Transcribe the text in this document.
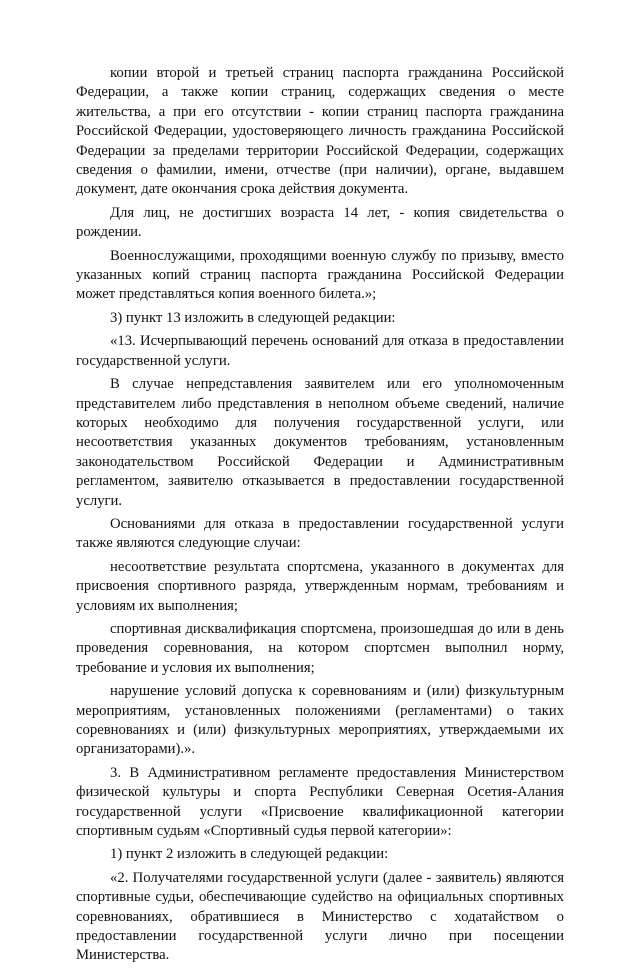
копии второй и третьей страниц паспорта гражданина Российской Федерации, а также копии страниц, содержащих сведения о месте жительства, а при его отсутствии - копии страниц паспорта гражданина Российской Федерации, удостоверяющего личность гражданина Российской Федерации за пределами территории Российской Федерации, содержащих сведения о фамилии, имени, отчестве (при наличии), органе, выдавшем документ, дате окончания срока действия документа.

Для лиц, не достигших возраста 14 лет, - копия свидетельства о рождении.

Военнослужащими, проходящими военную службу по призыву, вместо указанных копий страниц паспорта гражданина Российской Федерации может представляться копия военного билета.»;

3) пункт 13 изложить в следующей редакции:

«13. Исчерпывающий перечень оснований для отказа в предоставлении государственной услуги.

В случае непредставления заявителем или его уполномоченным представителем либо представления в неполном объеме сведений, наличие которых необходимо для получения государственной услуги, или несоответствия указанных документов требованиям, установленным законодательством Российской Федерации и Административным регламентом, заявителю отказывается в предоставлении государственной услуги.

Основаниями для отказа в предоставлении государственной услуги также являются следующие случаи:

несоответствие результата спортсмена, указанного в документах для присвоения спортивного разряда, утвержденным нормам, требованиям и условиям их выполнения;

спортивная дисквалификация спортсмена, произошедшая до или в день проведения соревнования, на котором спортсмен выполнил норму, требование и условия их выполнения;

нарушение условий допуска к соревнованиям и (или) физкультурным мероприятиям, установленных положениями (регламентами) о таких соревнованиях и (или) физкультурных мероприятиях, утверждаемыми их организаторами).».

3. В Административном регламенте предоставления Министерством физической культуры и спорта Республики Северная Осетия-Алания государственной услуги «Присвоение квалификационной категории спортивным судьям «Спортивный судья первой категории»:

1) пункт 2 изложить в следующей редакции:

«2. Получателями государственной услуги (далее - заявитель) являются спортивные судьи, обеспечивающие судейство на официальных спортивных соревнованиях, обратившиеся в Министерство с ходатайством о предоставлении государственной услуги лично при посещении Министерства.
